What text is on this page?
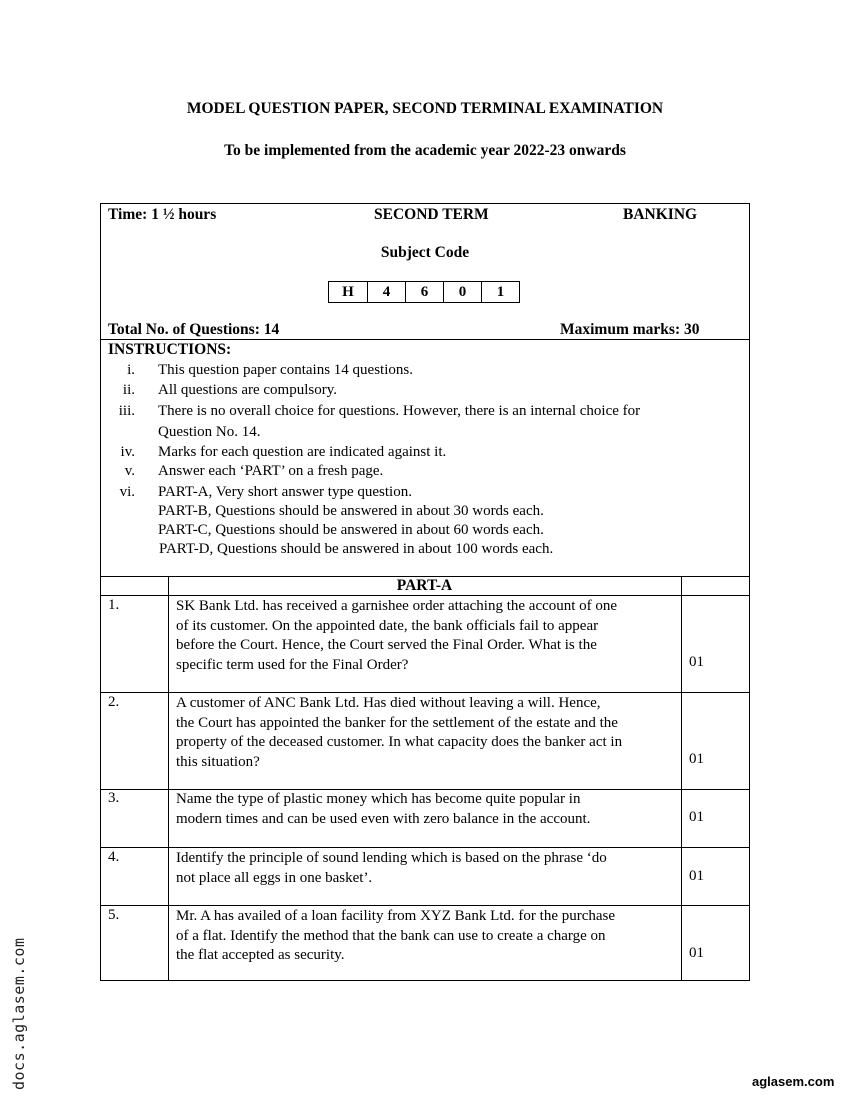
MODEL QUESTION PAPER, SECOND TERMINAL EXAMINATION
To be implemented from the academic year 2022-23 onwards
Time: 1 ½ hours	SECOND TERM	BANKING
Subject Code
H	4	6	0	1
Total No. of Questions: 14	Maximum marks: 30
INSTRUCTIONS:
i. This question paper contains 14 questions.
ii. All questions are compulsory.
iii. There is no overall choice for questions. However, there is an internal choice for
Question No. 14.
iv. Marks for each question are indicated against it.
v. Answer each ‘PART’ on a fresh page.
vi. PART-A, Very short answer type question.
PART-B, Questions should be answered in about 30 words each.
PART-C, Questions should be answered in about 60 words each.
PART-D, Questions should be answered in about 100 words each.
PART-A
1.	SK Bank Ltd. has received a garnishee order attaching the account of one
of its customer. On the appointed date, the bank officials fail to appear
before the Court. Hence, the Court served the Final Order. What is the
specific term used for the Final Order?	01
2.	A customer of ANC Bank Ltd. Has died without leaving a will. Hence,
the Court has appointed the banker for the settlement of the estate and the
property of the deceased customer. In what capacity does the banker act in
this situation?	01
3.	Name the type of plastic money which has become quite popular in
modern times and can be used even with zero balance in the account.	01
4.	Identify the principle of sound lending which is based on the phrase ‘do
not place all eggs in one basket’.	01
5.	Mr. A has availed of a loan facility from XYZ Bank Ltd. for the purchase
of a flat. Identify the method that the bank can use to create a charge on
the flat accepted as security.	01
docs.aglasem.com	aglasem.com
